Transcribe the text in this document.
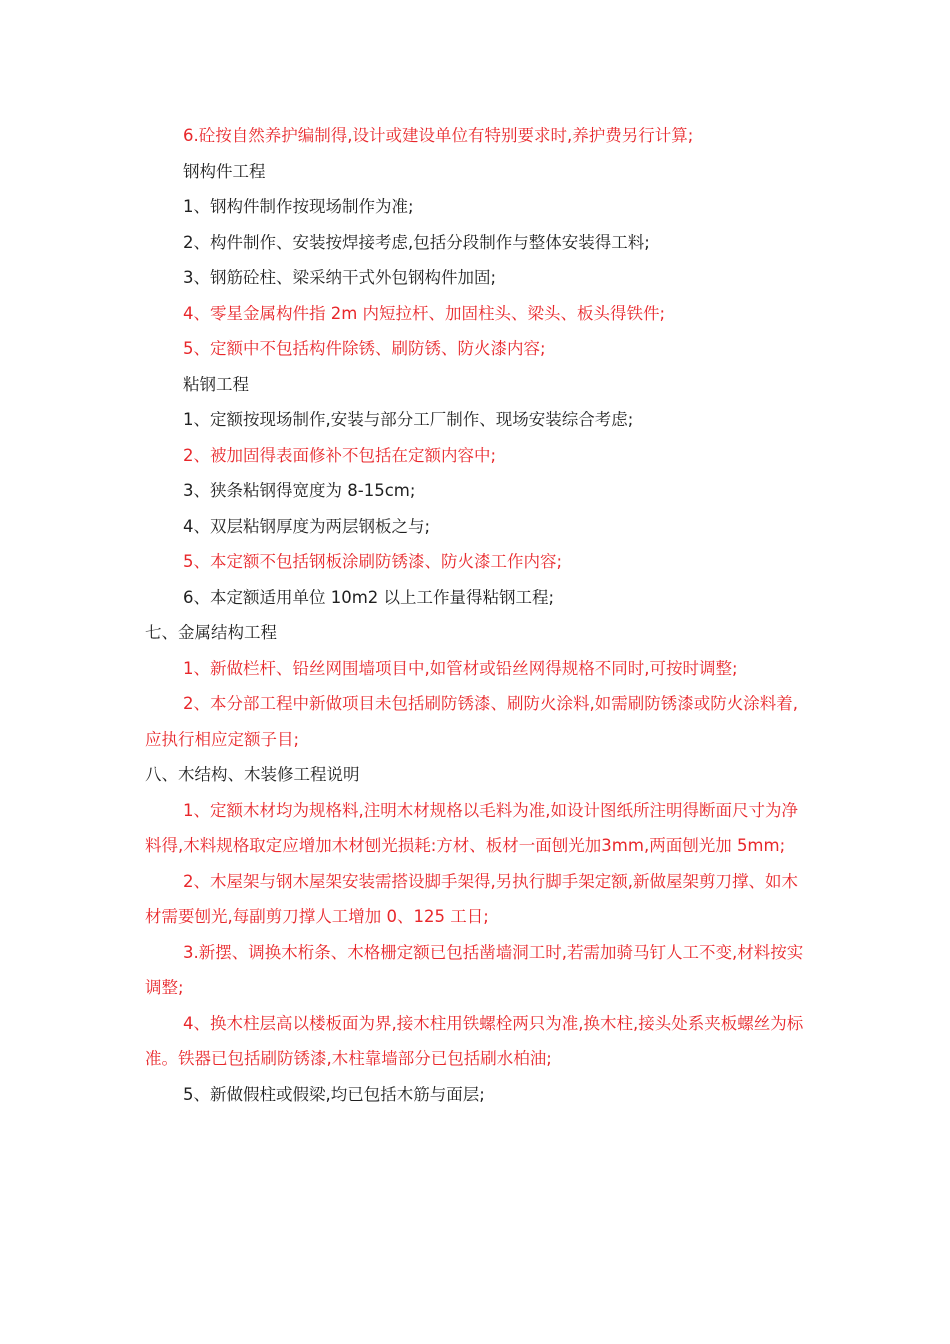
6.砼按自然养护编制得,设计或建设单位有特别要求时,养护费另行计算;

钢构件工程

1、钢构件制作按现场制作为准;

2、构件制作、安装按焊接考虑,包括分段制作与整体安装得工料;

3、钢筋砼柱、梁采纳干式外包钢构件加固;

4、零星金属构件指 2m 内短拉杆、加固柱头、梁头、板头得铁件;

5、定额中不包括构件除锈、刷防锈、防火漆内容;

粘钢工程

1、定额按现场制作,安装与部分工厂制作、现场安装综合考虑;

2、被加固得表面修补不包括在定额内容中;

3、狭条粘钢得宽度为 8-15cm;

4、双层粘钢厚度为两层钢板之与;

5、本定额不包括钢板涂刷防锈漆、防火漆工作内容;

6、本定额适用单位 10m2 以上工作量得粘钢工程;

七、金属结构工程

1、新做栏杆、铅丝网围墙项目中,如管材或铅丝网得规格不同时,可按时调整;

2、本分部工程中新做项目未包括刷防锈漆、刷防火涂料,如需刷防锈漆或防火涂料着,应执行相应定额子目;

八、木结构、木装修工程说明

1、定额木材均为规格料,注明木材规格以毛料为准,如设计图纸所注明得断面尺寸为净料得,木料规格取定应增加木材刨光损耗:方材、板材一面刨光加3mm,两面刨光加 5mm;

2、木屋架与钢木屋架安装需搭设脚手架得,另执行脚手架定额,新做屋架剪刀撑、如木材需要刨光,每副剪刀撑人工增加 0、125 工日;

3.新摆、调换木桁条、木格栅定额已包括凿墙洞工时,若需加骑马钉人工不变,材料按实调整;

4、换木柱层高以楼板面为界,接木柱用铁螺栓两只为准,换木柱,接头处系夹板螺丝为标准。铁器已包括刷防锈漆,木柱靠墙部分已包括刷水柏油;

5、新做假柱或假梁,均已包括木筋与面层;
